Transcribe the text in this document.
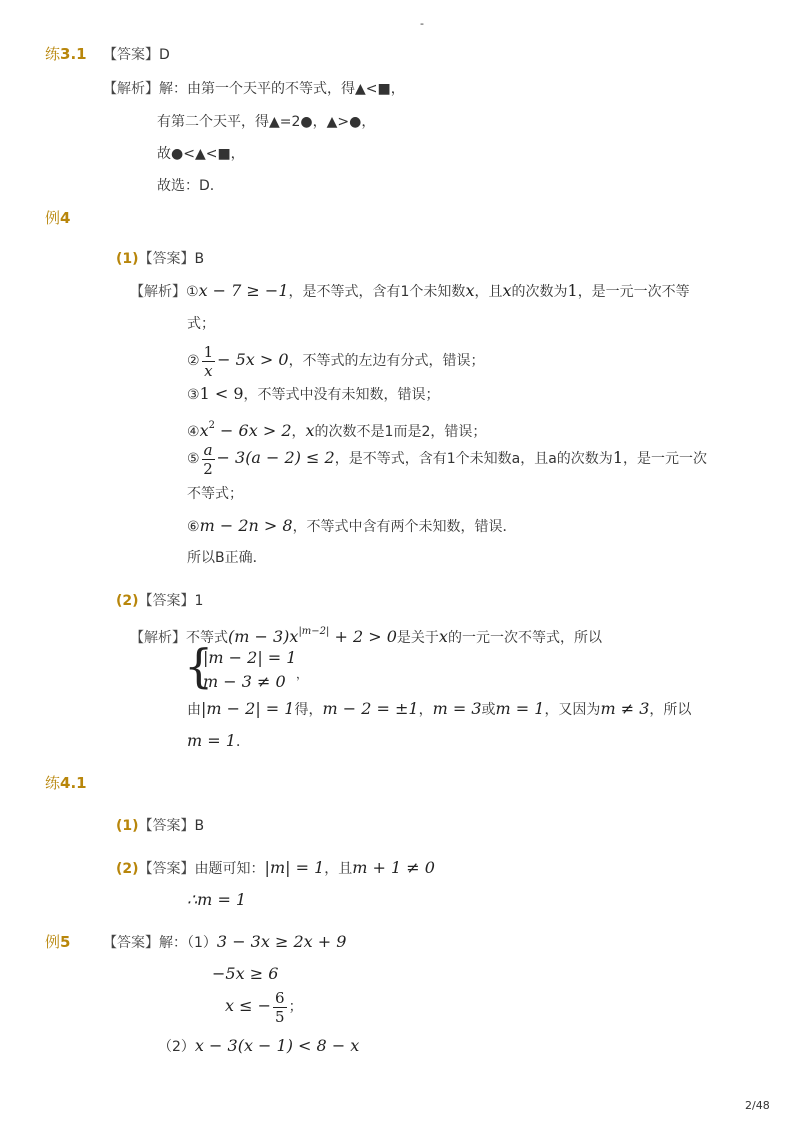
-
练3.1 【答案】D
【解析】解：由第一个天平的不等式，得▲<■，
有第二个天平，得▲=2●，▲>●，
故●<▲<■，
故选：D.
例4
(1)【答案】B
【解析】①x − 7 ≥ −1，是不等式，含有1个未知数x，且x的次数为1，是一元一次不等
式；
② $\frac{1}{x} - 5x > 0$，不等式的左边有分式，错误；
③1 < 9，不等式中没有未知数，错误；
$④x^2 - 6x > 2$，x的次数不是1而是2，错误；
⑤ $\frac{a}{2} - 3(a - 2) \le 2$，是不等式，含有1个未知数a，且a的次数为1，是一元一次
不等式；
⑥m − 2n > 8，不等式中含有两个未知数，错误．
所以B正确．
(2)【答案】1
【解析】不等式$(m - 3)x^{|m-2|} + 2 > 0$是关于x的一元一次不等式，所以
{
|m − 2| = 1
m − 3 ≠ 0 ，
由|m − 2| = 1得，m − 2 = ±1，m = 3或m = 1，又因为m ≠ 3，所以
m = 1．
练4.1
(1)【答案】B
(2)【答案】由题可知：|m| = 1，且m + 1 ≠ 0
∴m = 1
例5 【答案】解：（1）3 − 3x ≥ 2x + 9
−5x ≥ 6
x ≤ − $\frac{6}{5}$ ；
（2）x − 3(x − 1) < 8 − x
2/48
